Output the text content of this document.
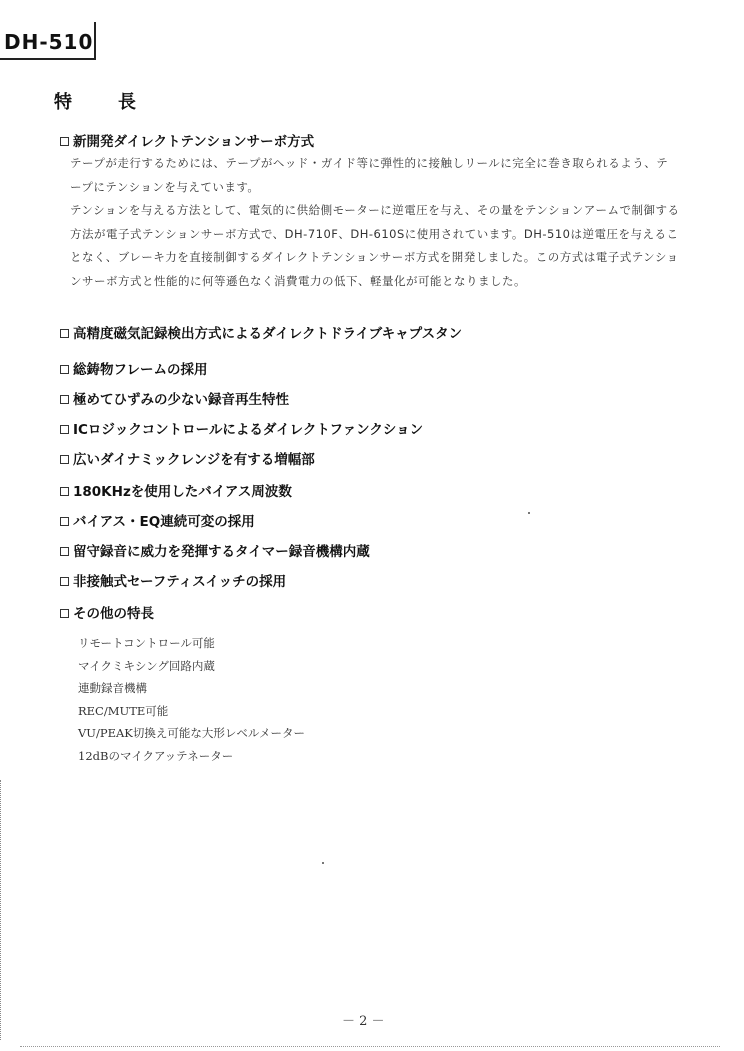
DH-510
特　長
新開発ダイレクトテンションサーボ方式
高精度磁気記録検出方式によるダイレクトドライブキャプスタン
総鋳物フレームの採用
極めてひずみの少ない録音再生特性
ICロジックコントロールによるダイレクトファンクション
広いダイナミックレンジを有する増幅部
180KHzを使用したバイアス周波数
バイアス・EQ連続可変の採用
留守録音に威力を発揮するタイマー録音機構内蔵
非接触式セーフティスイッチの採用
その他の特長

テープが走行するためには、テープがヘッド・ガイド等に弾性的に接触しリールに完全に巻き取られるよう、テープにテンションを与えています。

テンションを与える方法として、電気的に供給側モーターに逆電圧を与え、その量をテンションアームで制御する方法が電子式テンションサーボ方式で、DH-710F、DH-610Sに使用されています。DH-510は逆電圧を与えることなく、ブレーキ力を直接制御するダイレクトテンションサーボ方式を開発しました。この方式は電子式テンションサーボ方式と性能的に何等遜色なく消費電力の低下、軽量化が可能となりました。

リモートコントロール可能
マイクミキシング回路内蔵
連動録音機構
REC/MUTE可能
VU/PEAK切換え可能な大形レベルメーター
12dBのマイクアッテネーター
－ 2 －
